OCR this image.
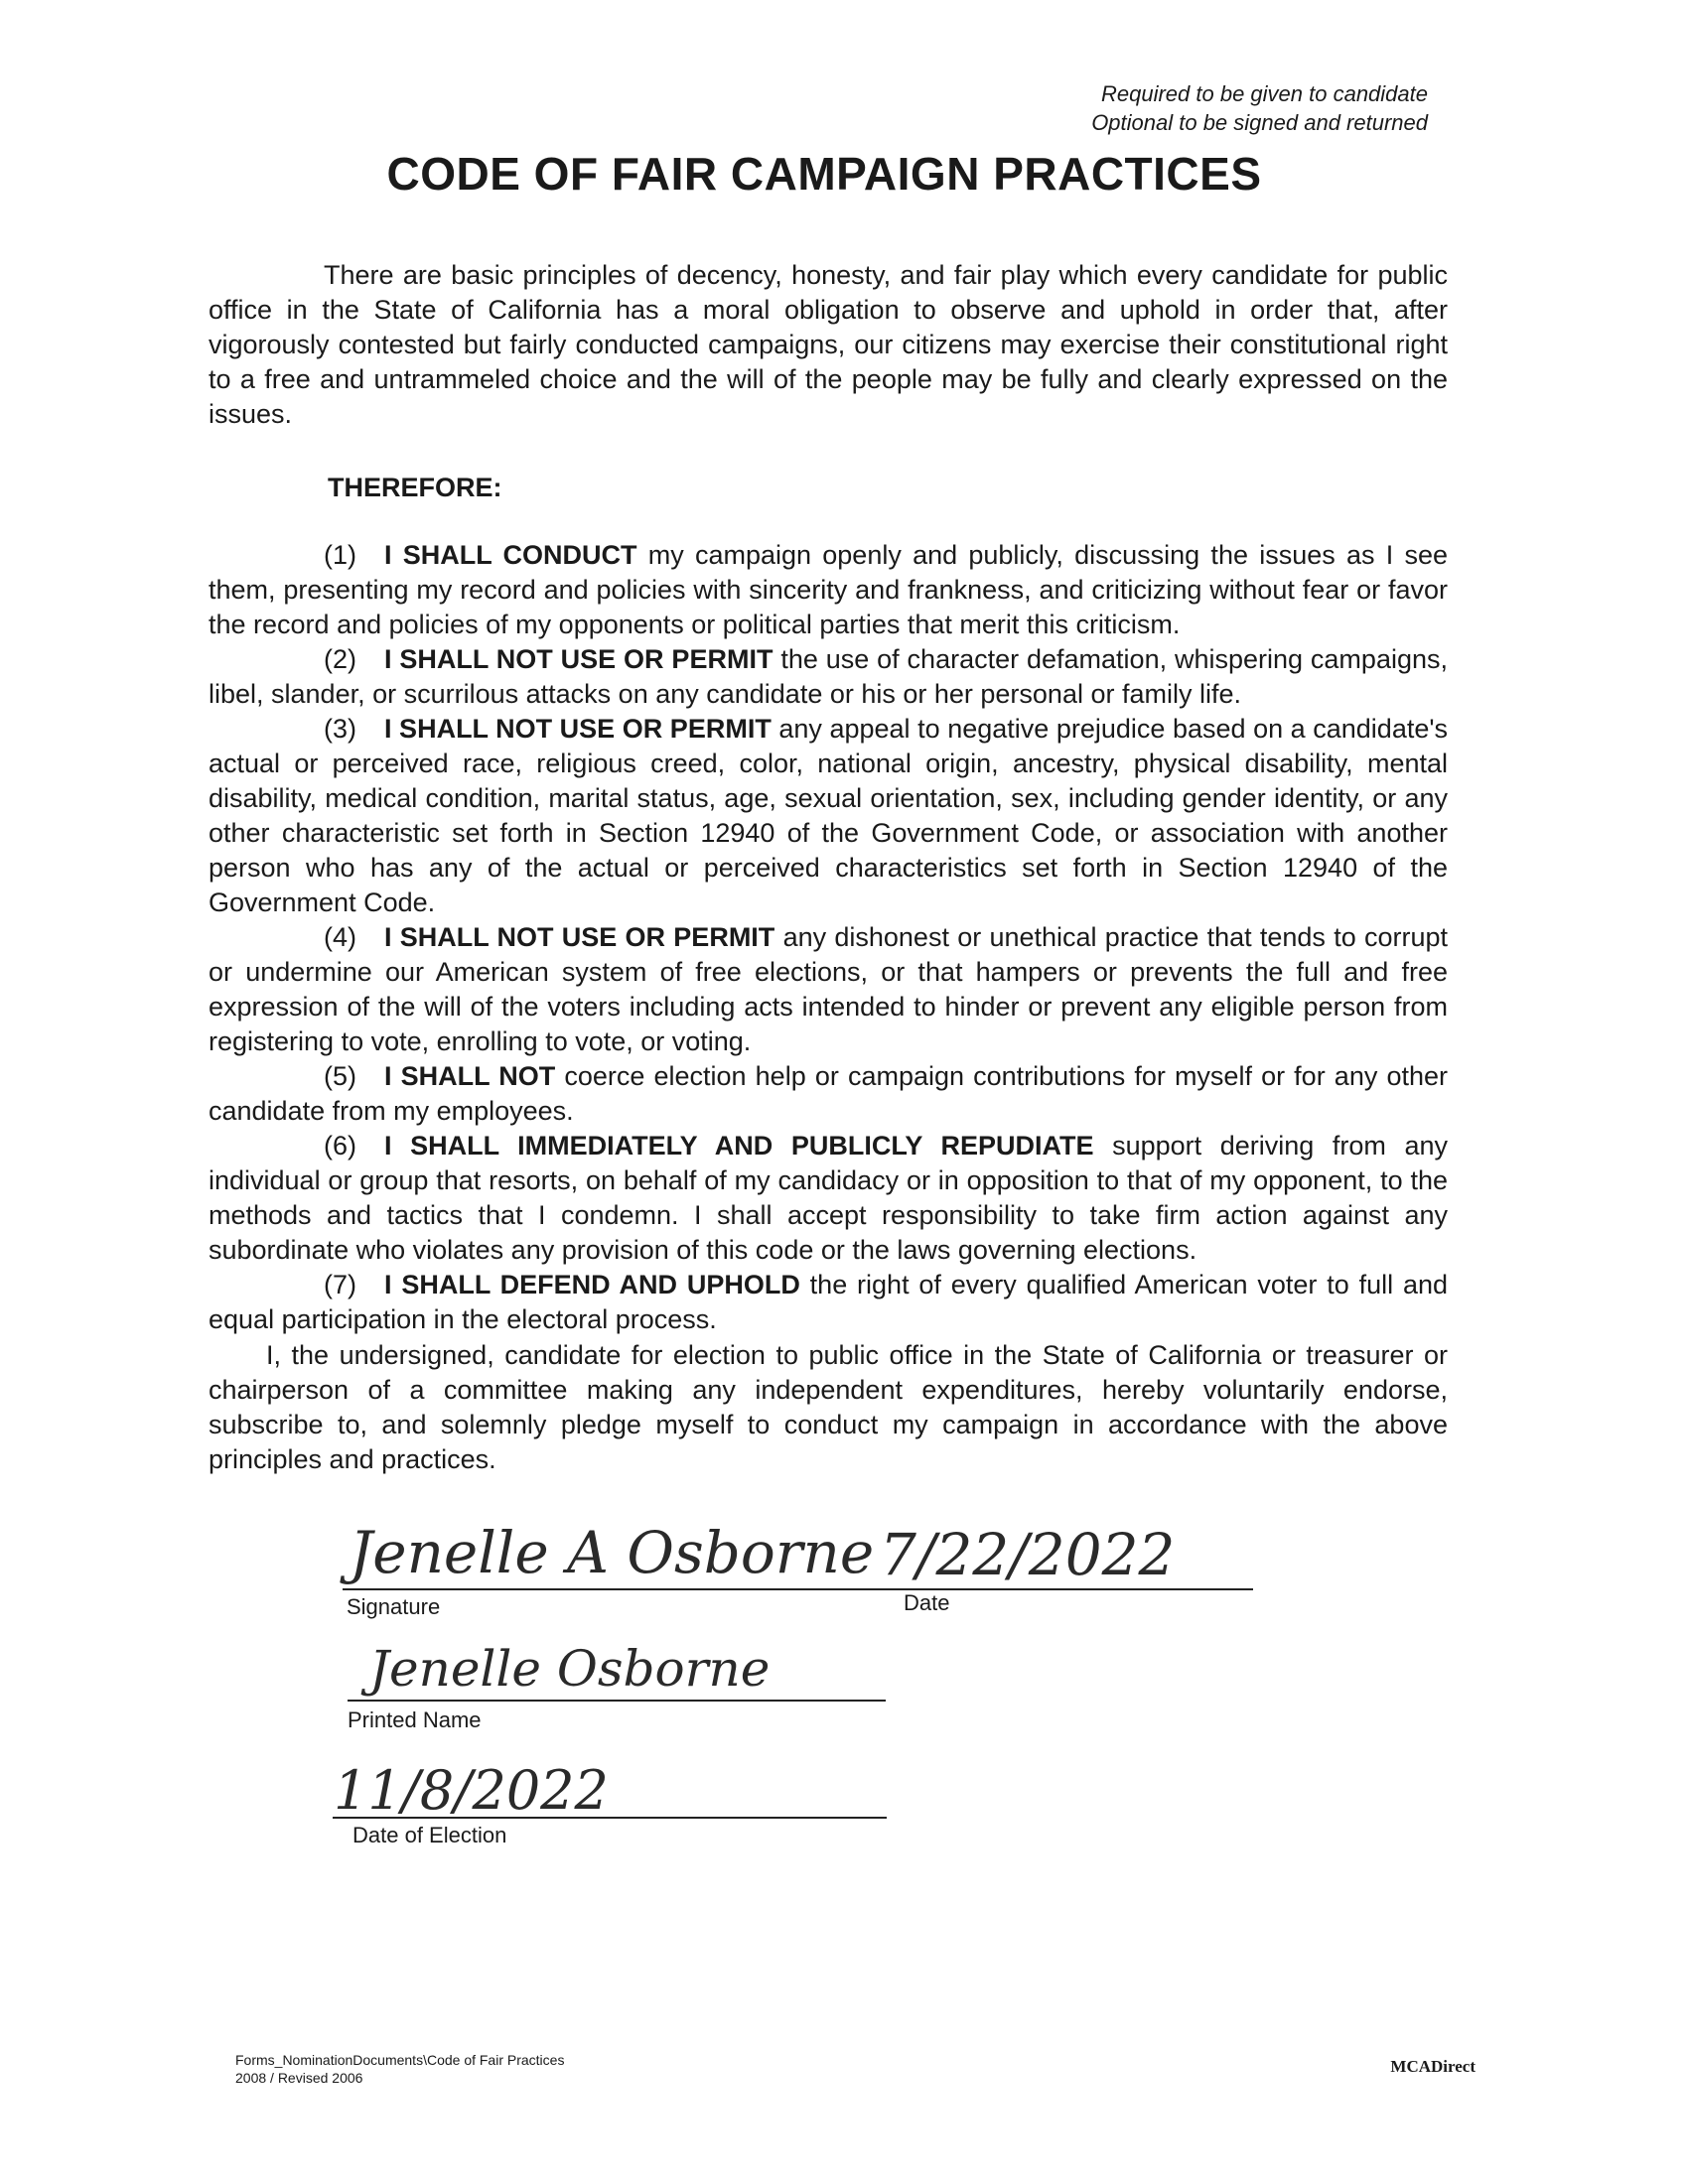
Required to be given to candidate
Optional to be signed and returned
CODE OF FAIR CAMPAIGN PRACTICES

There are basic principles of decency, honesty, and fair play which every candidate for public office in the State of California has a moral obligation to observe and uphold in order that, after vigorously contested but fairly conducted campaigns, our citizens may exercise their constitutional right to a free and untrammeled choice and the will of the people may be fully and clearly expressed on the issues.

THEREFORE:

(1) I SHALL CONDUCT my campaign openly and publicly, discussing the issues as I see them, presenting my record and policies with sincerity and frankness, and criticizing without fear or favor the record and policies of my opponents or political parties that merit this criticism.

(2) I SHALL NOT USE OR PERMIT the use of character defamation, whispering campaigns, libel, slander, or scurrilous attacks on any candidate or his or her personal or family life.

(3) I SHALL NOT USE OR PERMIT any appeal to negative prejudice based on a candidate's actual or perceived race, religious creed, color, national origin, ancestry, physical disability, mental disability, medical condition, marital status, age, sexual orientation, sex, including gender identity, or any other characteristic set forth in Section 12940 of the Government Code, or association with another person who has any of the actual or perceived characteristics set forth in Section 12940 of the Government Code.

(4) I SHALL NOT USE OR PERMIT any dishonest or unethical practice that tends to corrupt or undermine our American system of free elections, or that hampers or prevents the full and free expression of the will of the voters including acts intended to hinder or prevent any eligible person from registering to vote, enrolling to vote, or voting.

(5) I SHALL NOT coerce election help or campaign contributions for myself or for any other candidate from my employees.

(6) I SHALL IMMEDIATELY AND PUBLICLY REPUDIATE support deriving from any individual or group that resorts, on behalf of my candidacy or in opposition to that of my opponent, to the methods and tactics that I condemn. I shall accept responsibility to take firm action against any subordinate who violates any provision of this code or the laws governing elections.

(7) I SHALL DEFEND AND UPHOLD the right of every qualified American voter to full and equal participation in the electoral process.

I, the undersigned, candidate for election to public office in the State of California or treasurer or chairperson of a committee making any independent expenditures, hereby voluntarily endorse, subscribe to, and solemnly pledge myself to conduct my campaign in accordance with the above principles and practices.

Jenelle A Osborne
Signature
7/22/2022
Date
Jenelle Osborne
Printed Name
11/8/2022
Date of Election
Forms_NominationDocuments\Code of Fair Practices
2008 / Revised 2006
MCADirect
